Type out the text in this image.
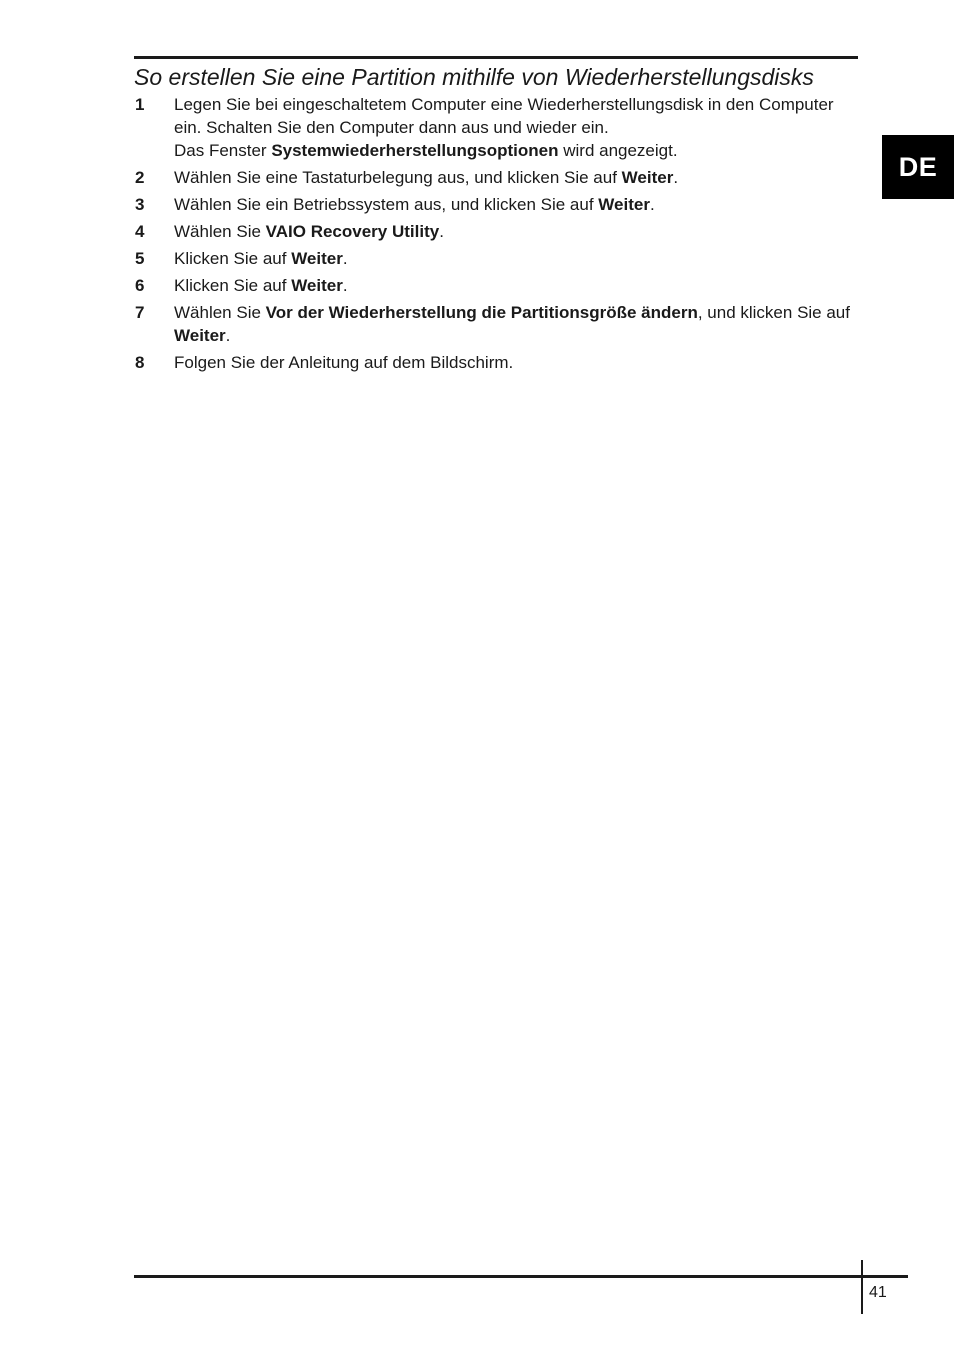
So erstellen Sie eine Partition mithilfe von Wiederherstellungsdisks
DE
1 Legen Sie bei eingeschaltetem Computer eine Wiederherstellungsdisk in den Computer ein. Schalten Sie den Computer dann aus und wieder ein.
Das Fenster Systemwiederherstellungsoptionen wird angezeigt.
2 Wählen Sie eine Tastaturbelegung aus, und klicken Sie auf Weiter.
3 Wählen Sie ein Betriebssystem aus, und klicken Sie auf Weiter.
4 Wählen Sie VAIO Recovery Utility.
5 Klicken Sie auf Weiter.
6 Klicken Sie auf Weiter.
7 Wählen Sie Vor der Wiederherstellung die Partitionsgröße ändern, und klicken Sie auf Weiter.
8 Folgen Sie der Anleitung auf dem Bildschirm.
41
